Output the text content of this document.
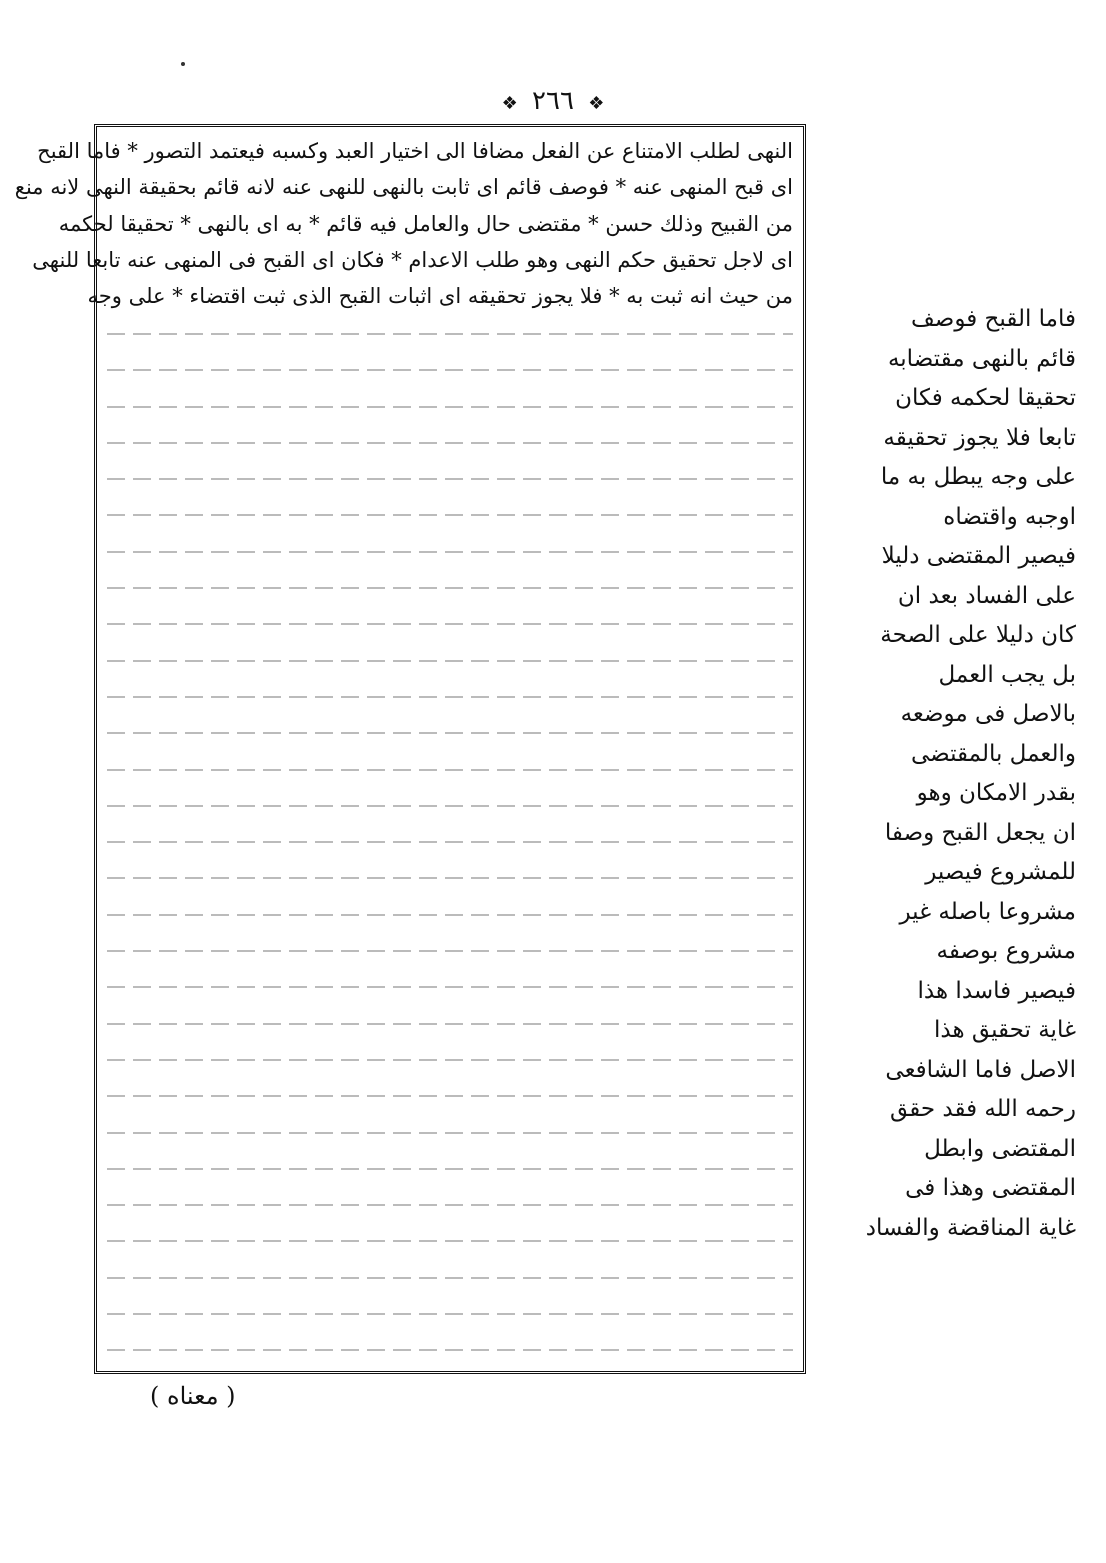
❖ ٢٦٦ ❖

النهى لطلب الامتناع عن الفعل مضافا الى اختيار العبد وكسبه فيعتمد التصور * فاما القبح

اى قبح المنهى عنه * فوصف قائم اى ثابت بالنهى للنهى عنه لانه قائم بحقيقة النهى لانه منع

من القبيح وذلك حسن * مقتضى حال والعامل فيه قائم * به اى بالنهى * تحقيقا لحكمه

اى لاجل تحقيق حكم النهى وهو طلب الاعدام * فكان اى القبح فى المنهى عنه تابعا للنهى

من حيث انه ثبت به * فلا يجوز تحقيقه اى اثبات القبح الذى ثبت اقتضاء * على وجه

فاما القبح فوصف

قائم بالنهى مقتضابه

تحقيقا لحكمه فكان

تابعا فلا يجوز تحقيقه

على وجه يبطل به ما

اوجبه واقتضاه

فيصير المقتضى دليلا

على الفساد بعد ان

كان دليلا على الصحة

بل يجب العمل

بالاصل فى موضعه

والعمل بالمقتضى

بقدر الامكان وهو

ان يجعل القبح وصفا

للمشروع فيصير

مشروعا باصله غير

مشروع بوصفه

فيصير فاسدا هذا

غاية تحقيق هذا

الاصل فاما الشافعى

رحمه الله فقد حقق

المقتضى وابطل

المقتضى وهذا فى

غاية المناقضة والفساد

( معناه )
